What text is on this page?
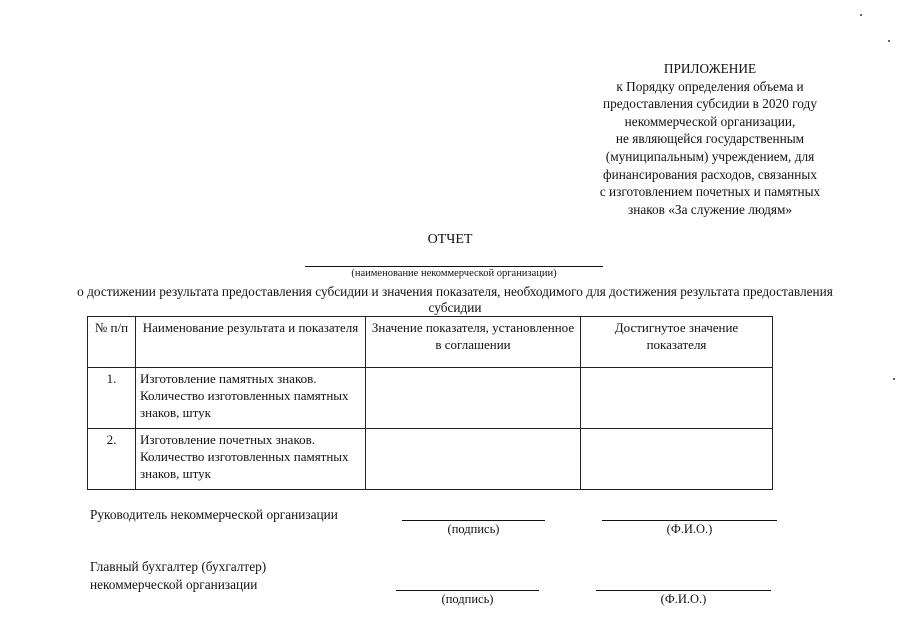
ПРИЛОЖЕНИЕ
к Порядку определения объема и
предоставления субсидии в 2020 году
некоммерческой организации,
не являющейся государственным
(муниципальным) учреждением, для
финансирования расходов, связанных
с изготовлением почетных и памятных
знаков «За служение людям»
ОТЧЕТ
(наименование некоммерческой организации)
о достижении результата предоставления субсидии и значения показателя, необходимого для достижения результата предоставления субсидии
№ п/п	Наименование результата и показателя	Значение показателя, установленное в соглашении	Достигнутое значение показателя
1.	Изготовление памятных знаков. Количество изготовленных памятных знаков, штук		
2.	Изготовление почетных знаков. Количество изготовленных памятных знаков, штук		
Руководитель некоммерческой организации
(подпись)	(Ф.И.О.)
Главный бухгалтер (бухгалтер)
некоммерческой организации
(подпись)	(Ф.И.О.)
